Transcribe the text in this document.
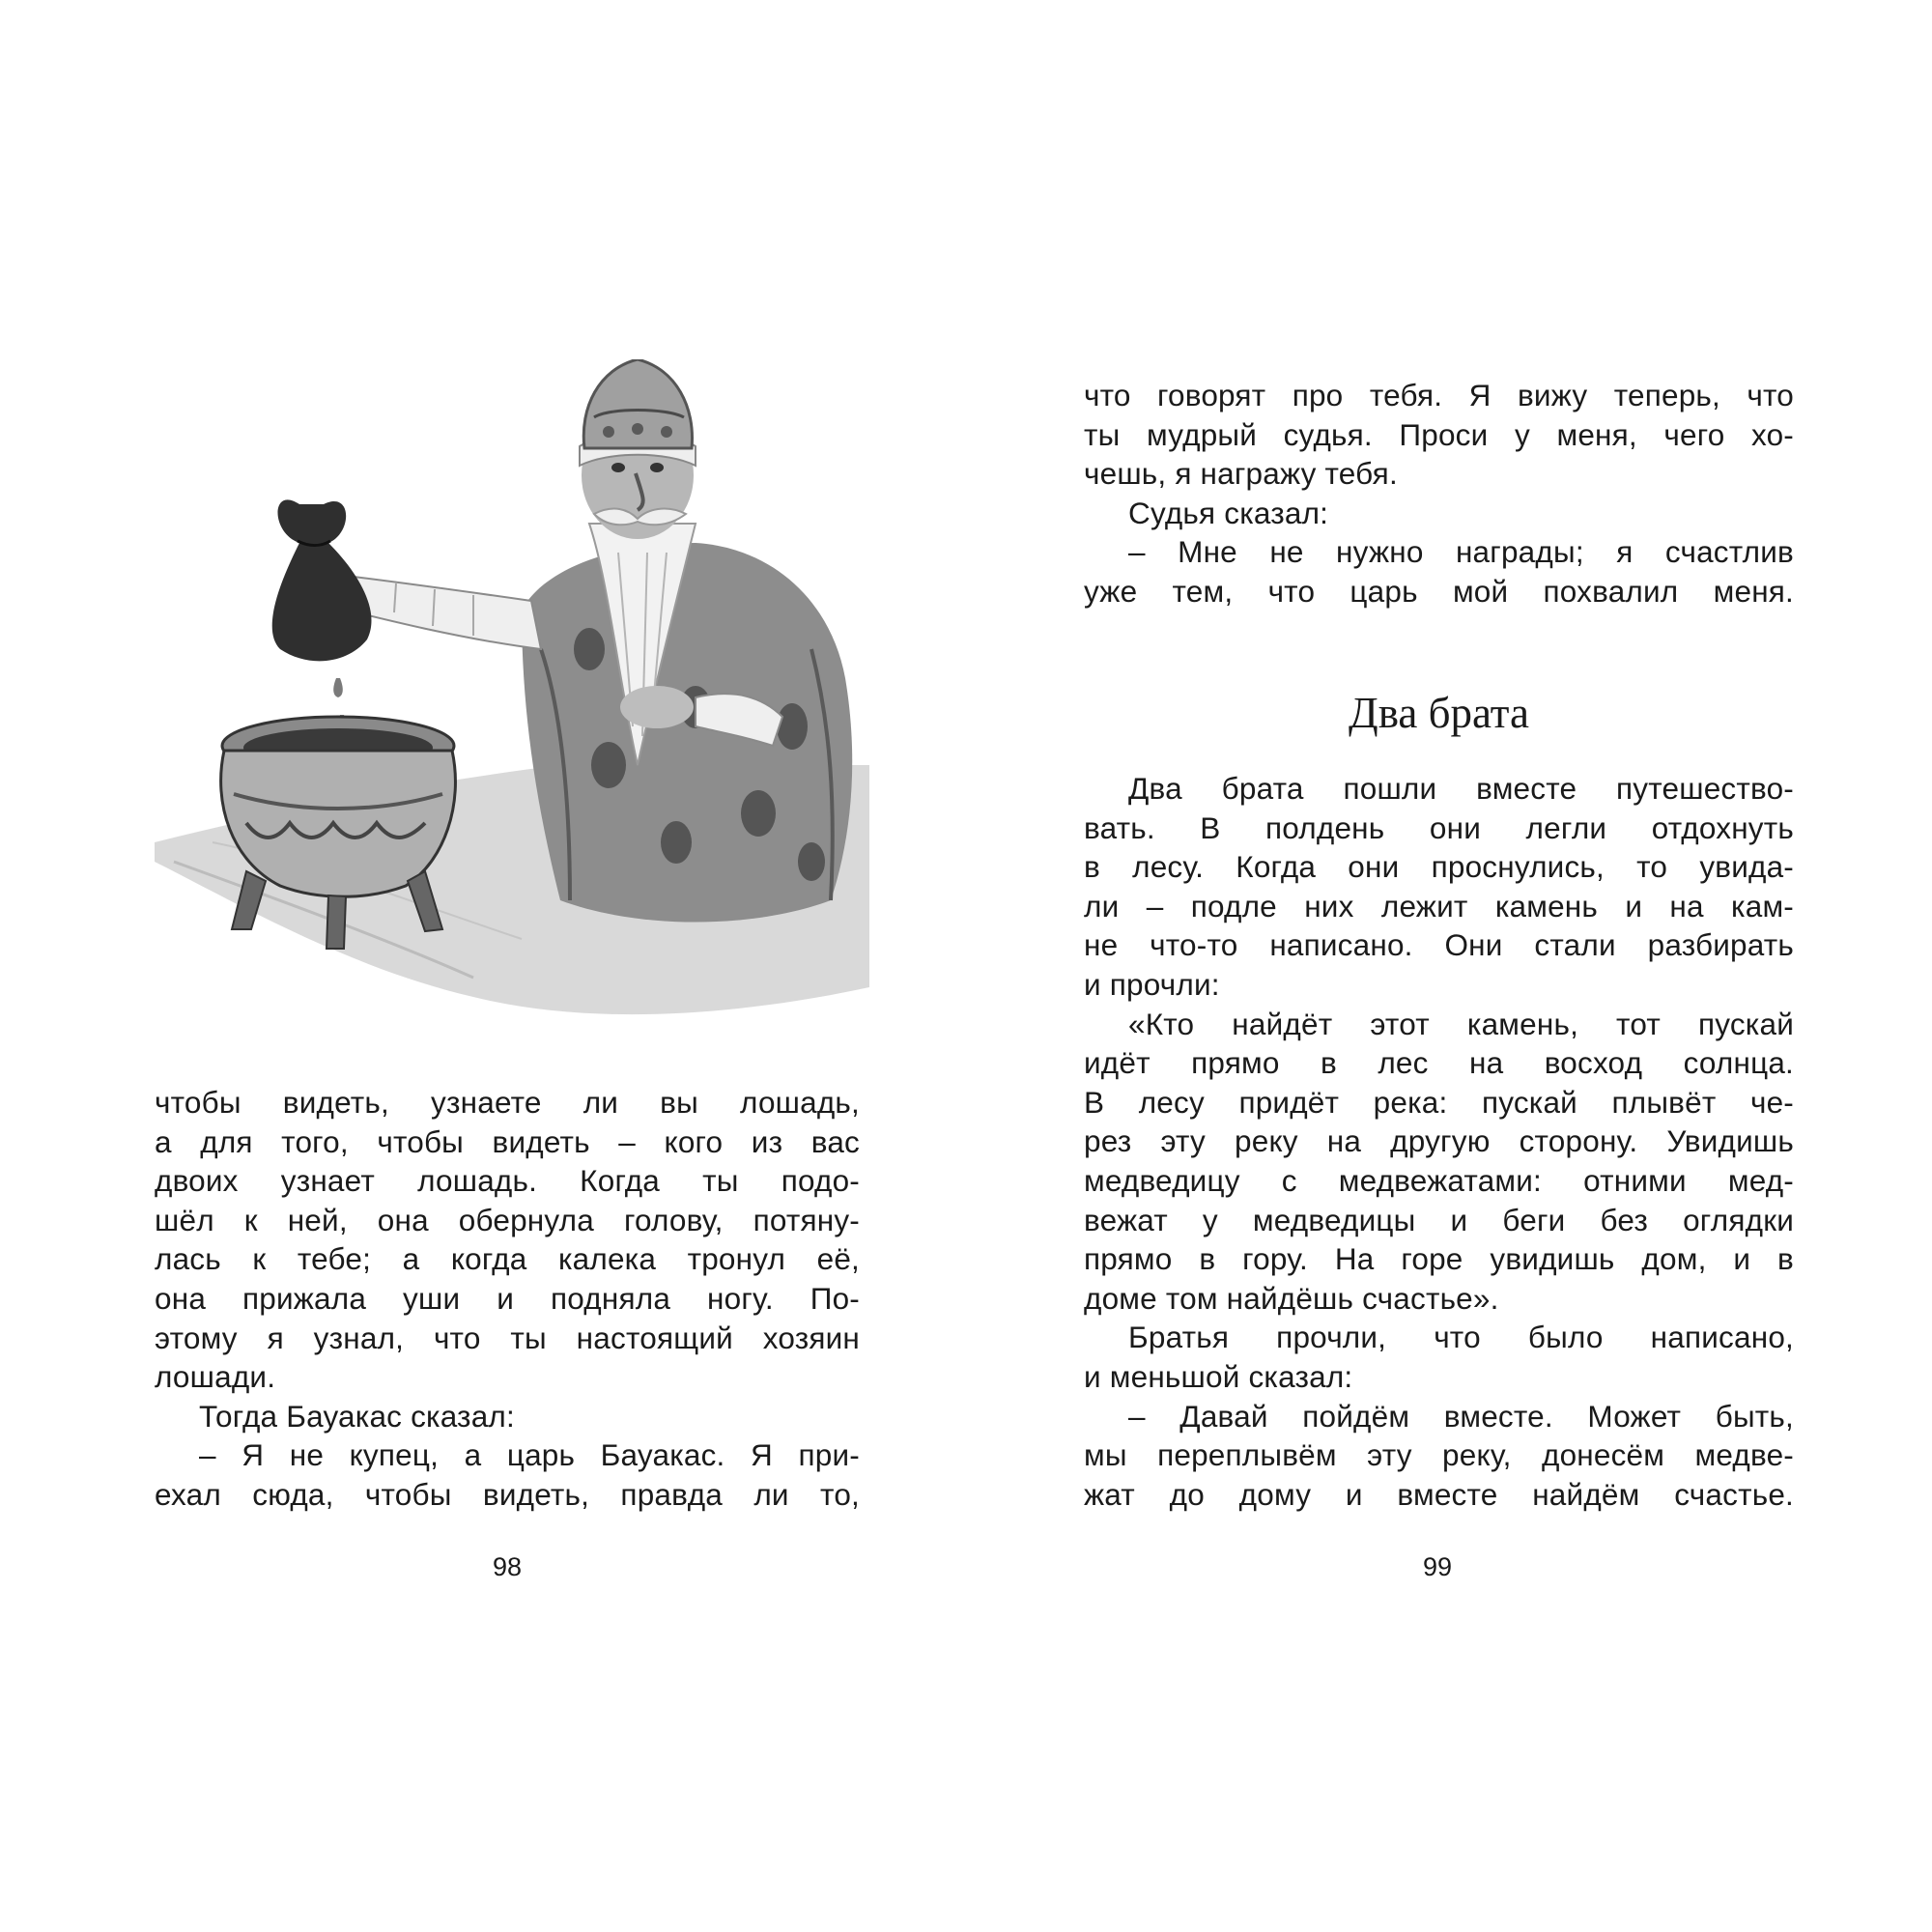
чтобы видеть, узнаете ли вы лошадь,
а для того, чтобы видеть – кого из вас
двоих узнает лошадь. Когда ты подо-
шёл к ней, она обернула голову, потяну-
лась к тебе; а когда калека тронул её,
она прижала уши и подняла ногу. По-
этому я узнал, что ты настоящий хозяин
лошади.
Тогда Бауакас сказал:
– Я не купец, а царь Бауакас. Я при-
ехал сюда, чтобы видеть, правда ли то,
98
что говорят про тебя. Я вижу теперь, что
ты мудрый судья. Проси у меня, чего хо-
чешь, я награжу тебя.
Судья сказал:
– Мне не нужно награды; я счастлив
уже тем, что царь мой похвалил меня.
Два брата
Два брата пошли вместе путешество-
вать. В полдень они легли отдохнуть
в лесу. Когда они проснулись, то увида-
ли – подле них лежит камень и на кам-
не что-то написано. Они стали разбирать
и прочли:
«Кто найдёт этот камень, тот пускай
идёт прямо в лес на восход солнца.
В лесу придёт река: пускай плывёт че-
рез эту реку на другую сторону. Увидишь
медведицу с медвежатами: отними мед-
вежат у медведицы и беги без оглядки
прямо в гору. На горе увидишь дом, и в
доме том найдёшь счастье».
Братья прочли, что было написано,
и меньшой сказал:
– Давай пойдём вместе. Может быть,
мы переплывём эту реку, донесём медве-
жат до дому и вместе найдём счастье.
99
